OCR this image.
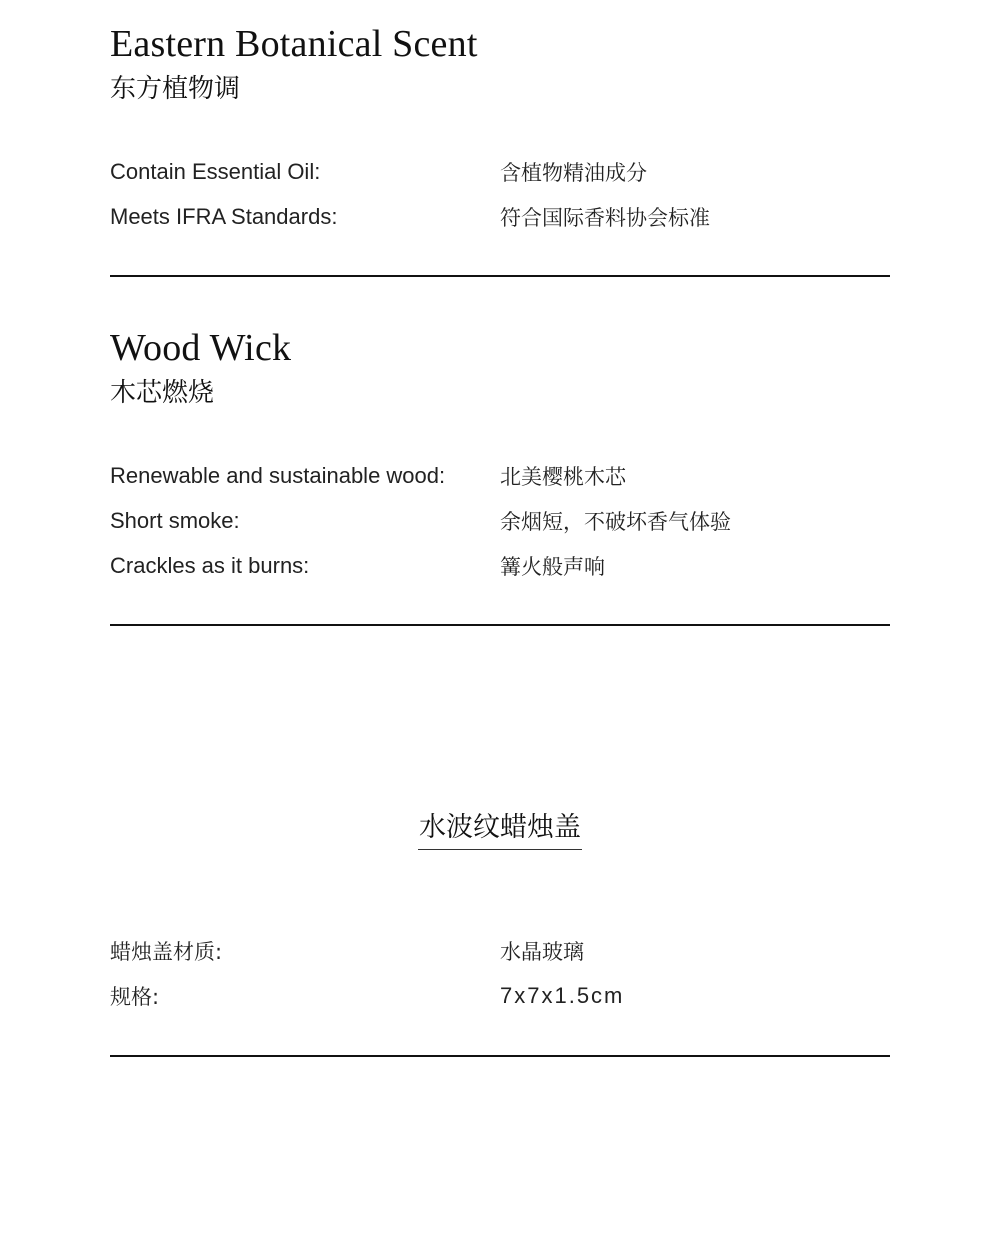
Eastern Botanical Scent
东方植物调
Contain Essential Oil:	含植物精油成分
Meets IFRA Standards:	符合国际香料协会标准
Wood Wick
木芯燃烧
Renewable and sustainable wood:	北美樱桃木芯
Short smoke:	余烟短，不破坏香气体验
Crackles as it burns:	篝火般声响
水波纹蜡烛盖
蜡烛盖材质:	水晶玻璃
规格:	7x7x1.5cm
